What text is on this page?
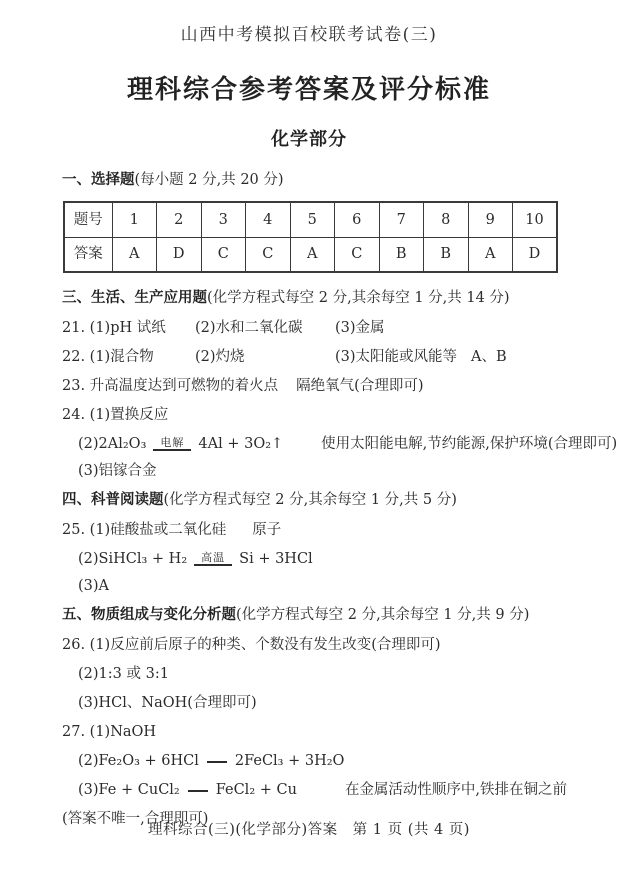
山西中考模拟百校联考试卷(三)
理科综合参考答案及评分标准
化学部分
一、选择题(每小题 2 分,共 20 分)
题号	1	2	3	4	5	6	7	8	9	10
答案	A	D	C	C	A	C	B	B	A	D
三、生活、生产应用题(化学方程式每空 2 分,其余每空 1 分,共 14 分)
21. (1)pH 试纸 (2)水和二氧化碳 (3)金属
22. (1)混合物	(2)灼烧	(3)太阳能或风能等 A、B
23. 升高温度达到可燃物的着火点 隔绝氧气(合理即可)
24. (1)置换反应
(2)2Al₂O₃ 电解 4Al + 3O₂↑	使用太阳能电解,节约能源,保护环境(合理即可)
(3)铝镓合金
四、科普阅读题(化学方程式每空 2 分,其余每空 1 分,共 5 分)
25. (1)硅酸盐或二氧化硅 原子
(2)SiHCl₃ + H₂ 高温 Si + 3HCl
(3)A
五、物质组成与变化分析题(化学方程式每空 2 分,其余每空 1 分,共 9 分)
26. (1)反应前后原子的种类、个数没有发生改变(合理即可)
(2)1:3 或 3:1
(3)HCl、NaOH(合理即可)
27. (1)NaOH
(2)Fe₂O₃ + 6HCl 2FeCl₃ + 3H₂O
(3)Fe + CuCl₂ FeCl₂ + Cu	在金属活动性顺序中,铁排在铜之前
(答案不唯一,合理即可)
理科综合(三)(化学部分)答案　第 1 页 (共 4 页)
